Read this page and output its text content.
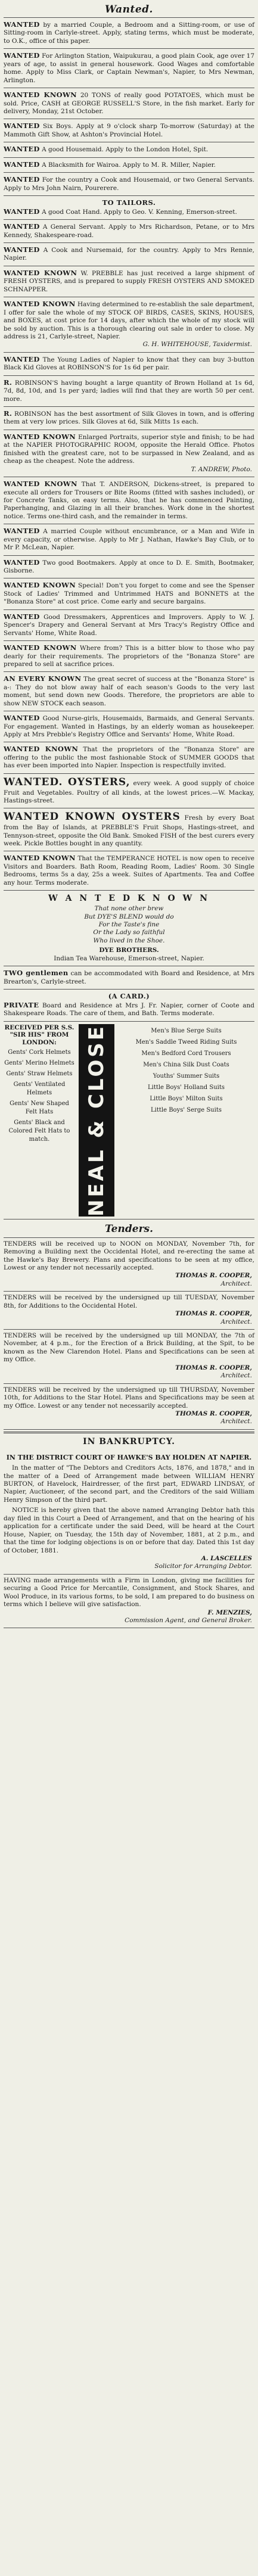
Wanted.
WANTED by a married Couple, a Bedroom and a Sitting-room, or use of Sitting-room in Carlyle-street. Apply, stating terms, which must be moderate, to O.K., office of this paper.
WANTED For Arlington Station, Waipukurau, a good plain Cook, age over 17 years of age, to assist in general housework. Good Wages and comfortable home. Apply to Miss Clark, or Captain Newman's, Napier, to Mrs Newman, Arlington.
WANTED KNOWN 20 TONS of really good POTATOES, which must be sold. Price, CASH at GEORGE RUSSELL'S Store, in the fish market. Early for delivery, Monday, 21st October.
WANTED Six Boys. Apply at 9 o'clock sharp To-morrow (Saturday) at the Mammoth Gift Show, at Ashton's Provincial Hotel.
WANTED A good Housemaid. Apply to the London Hotel, Spit.
WANTED A Blacksmith for Wairoa. Apply to M. R. Miller, Napier.
WANTED For the country a Cook and Housemaid, or two General Servants. Apply to Mrs John Nairn, Pourerere.
TO TAILORS.
WANTED A good Coat Hand. Apply to Geo. V. Kenning, Emerson-street.
WANTED A General Servant. Apply to Mrs Richardson, Petane, or to Mrs Kennedy, Shakespeare-road.
WANTED A Cook and Nursemaid, for the country. Apply to Mrs Rennie, Napier.
WANTED KNOWN W. PREBBLE has just received a large shipment of FRESH OYSTERS, and is prepared to supply FRESH OYSTERS AND SMOKED SCHNAPPER.
WANTED KNOWN Having determined to re-establish the sale department, I offer for sale the whole of my STOCK OF BIRDS, CASES, SKINS, HOUSES, and BOXES, at cost price for 14 days, after which the whole of my stock will be sold by auction. This is a thorough clearing out sale in order to close. My address is 21, Carlyle-street, Napier.
G. H. WHITEHOUSE, Taxidermist.
WANTED The Young Ladies of Napier to know that they can buy 3-button Black Kid Gloves at ROBINSON'S for 1s 6d per pair.
R. ROBINSON'S having bought a large quantity of Brown Holland at 1s 6d, 7d, 8d, 10d, and 1s per yard; ladies will find that they are worth 50 per cent. more.
R. ROBINSON has the best assortment of Silk Gloves in town, and is offering them at very low prices. Silk Gloves at 6d, Silk Mitts 1s each.
WANTED KNOWN Enlarged Portraits, superior style and finish; to be had at the NAPIER PHOTOGRAPHIC ROOM, opposite the Herald Office. Photos finished with the greatest care, not to be surpassed in New Zealand, and as cheap as the cheapest. Note the address.
T. ANDREW, Photo.
WANTED KNOWN That T. ANDERSON, Dickens-street, is prepared to execute all orders for Trousers or Bite Rooms (fitted with sashes included), or for Concrete Tanks, on easy terms. Also, that he has commenced Painting, Paperhanging, and Glazing in all their branches. Work done in the shortest notice. Terms one-third cash, and the remainder in terms.
WANTED A married Couple without encumbrance, or a Man and Wife in every capacity, or otherwise. Apply to Mr J. Nathan, Hawke's Bay Club, or to Mr P. McLean, Napier.
WANTED Two good Bootmakers. Apply at once to D. E. Smith, Bootmaker, Gisborne.
WANTED KNOWN Special! Don't you forget to come and see the Spenser Stock of Ladies' Trimmed and Untrimmed HATS and BONNETS at the "Bonanza Store" at cost price. Come early and secure bargains.
WANTED Good Dressmakers, Apprentices and Improvers. Apply to W. J. Spencer's Drapery and General Servant at Mrs Tracy's Registry Office and Servants' Home, White Road.
WANTED KNOWN Where from? This is a bitter blow to those who pay dearly for their requirements. The proprietors of the "Bonanza Store" are prepared to sell at sacrifice prices.
AN EVERY KNOWN The great secret of success at the "Bonanza Store" is a-: They do not blow away half of each season's Goods to the very last moment, but send down new Goods. Therefore, the proprietors are able to show NEW STOCK each season.
WANTED Good Nurse-girls, Housemaids, Barmaids, and General Servants. For engagement. Wanted in Hastings, by an elderly woman as housekeeper. Apply at Mrs Prebble's Registry Office and Servants' Home, White Road.
WANTED KNOWN That the proprietors of the "Bonanza Store" are offering to the public the most fashionable Stock of SUMMER GOODS that has ever been imported into Napier. Inspection is respectfully invited.
WANTED. OYSTERS, every week. A good supply of choice Fruit and Vegetables. Poultry of all kinds, at the lowest prices.—W. Mackay, Hastings-street.
WANTED KNOWN OYSTERS Fresh by every Boat from the Bay of Islands, at PREBBLE'S Fruit Shops, Hastings-street, and Tennyson-street, opposite the Old Bank. Smoked FISH of the best curers every week. Pickle Bottles bought in any quantity.
WANTED KNOWN That the TEMPERANCE HOTEL is now open to receive Visitors and Boarders. Bath Room, Reading Room, Ladies' Room. 30 Single Bedrooms, terms 5s a day, 25s a week. Suites of Apartments. Tea and Coffee any hour. Terms moderate.
W A N T E D K N O W N
That none other brew
But DYE'S BLEND would do
For the Taste's fine
Or the Lady so faithful
Who lived in the Shoe.
DYE BROTHERS.
Indian Tea Warehouse, Emerson-street, Napier.
TWO gentlemen can be accommodated with Board and Residence, at Mrs Brearton's, Carlyle-street.
(A CARD.)
PRIVATE Board and Residence at Mrs J. Fr. Napier, corner of Coote and Shakespeare Roads. The care of them, and Bath. Terms moderate.
RECEIVED PER S.S. "SIR HIS" FROM LONDON:
Gents' Cork Helmets
Gents' Merino Helmets
Gents' Straw Helmets
Gents' Ventilated Helmets
Gents' New Shaped Felt Hats
Gents' Black and Colored Felt Hats to match.	NEAL & CLOSE	Men's Blue Serge Suits
Men's Saddle Tweed Riding Suits
Men's Bedford Cord Trousers
Men's China Silk Dust Coats
Youths' Summer Suits
Little Boys' Holland Suits
Little Boys' Milton Suits
Little Boys' Serge Suits
Tenders.
TENDERS will be received up to NOON on MONDAY, November 7th, for Removing a Building next the Occidental Hotel, and re-erecting the same at the Hawke's Bay Brewery. Plans and specifications to be seen at my office, Lowest or any tender not necessarily accepted.
THOMAS R. COOPER,
Architect.
TENDERS will be received by the undersigned up till TUESDAY, November 8th, for Additions to the Occidental Hotel.
THOMAS R. COOPER,
Architect.
TENDERS will be received by the undersigned up till MONDAY, the 7th of November, at 4 p.m., for the Erection of a Brick Building, at the Spit, to be known as the New Clarendon Hotel. Plans and Specifications can be seen at my Office.
THOMAS R. COOPER,
Architect.
TENDERS will be received by the undersigned up till THURSDAY, November 10th, for Additions to the Star Hotel. Plans and Specifications may be seen at my Office. Lowest or any tender not necessarily accepted.
THOMAS R. COOPER,
Architect.
IN BANKRUPTCY.
IN THE DISTRICT COURT OF HAWKE'S BAY HOLDEN AT NAPIER.
In the matter of "The Debtors and Creditors Acts, 1876, and 1878," and in the matter of a Deed of Arrangement made between WILLIAM HENRY BURTON, of Havelock, Hairdresser, of the first part, EDWARD LINDSAY, of Napier, Auctioneer, of the second part, and the Creditors of the said William Henry Simpson of the third part.
NOTICE is hereby given that the above named Arranging Debtor hath this day filed in this Court a Deed of Arrangement, and that on the hearing of his application for a certificate under the said Deed, will be heard at the Court House, Napier, on Tuesday, the 15th day of November, 1881, at 2 p.m., and that the time for lodging objections is on or before that day. Dated this 1st day of October, 1881.
A. LASCELLES
Solicitor for Arranging Debtor.
HAVING made arrangements with a Firm in London, giving me facilities for securing a Good Price for Mercantile, Consignment, and Stock Shares, and Wool Produce, in its various forms, to be sold, I am prepared to do business on terms which I believe will give satisfaction.
F. MENZIES,
Commission Agent, and General Broker.
